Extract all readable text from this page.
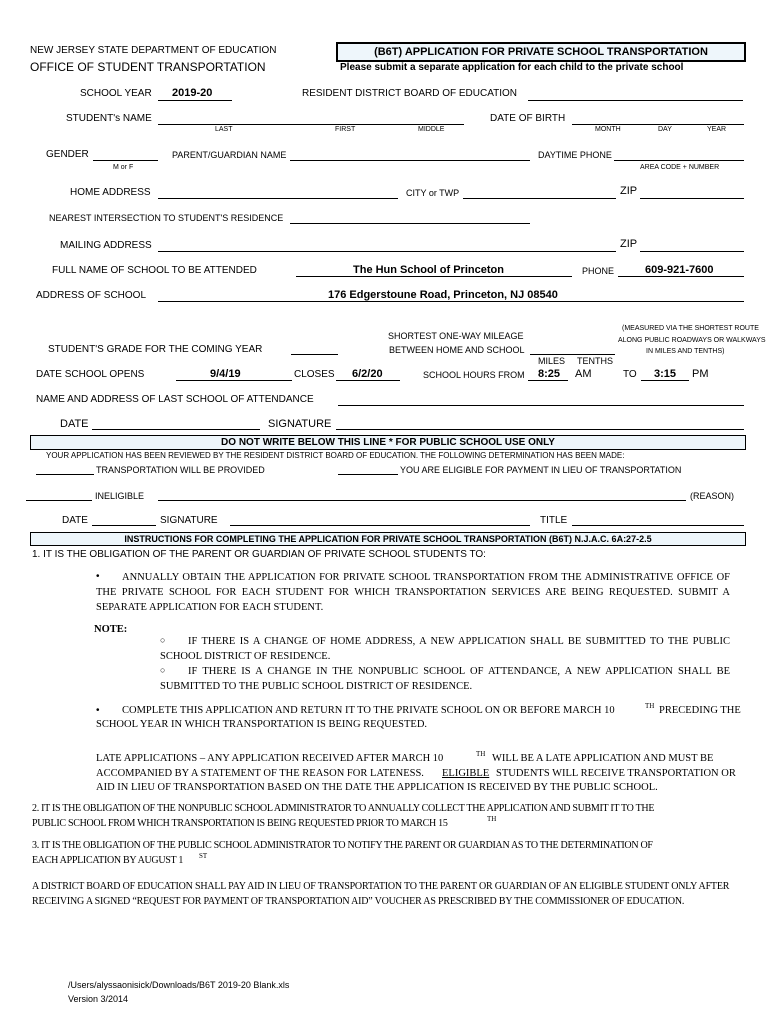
NEW JERSEY STATE DEPARTMENT OF EDUCATION
OFFICE OF STUDENT TRANSPORTATION
(B6T) APPLICATION FOR PRIVATE SCHOOL TRANSPORTATION
Please submit a separate application for each child to the private school
SCHOOL YEAR 2019-20	RESIDENT DISTRICT BOARD OF EDUCATION
STUDENT's NAME
LAST	FIRST	MIDDLE
DATE OF BIRTH
MONTH	DAY	YEAR
GENDER
M or F
PARENT/GUARDIAN NAME	DAYTIME PHONE
AREA CODE + NUMBER
HOME ADDRESS	CITY or TWP	ZIP
NEAREST INTERSECTION TO STUDENT'S RESIDENCE
MAILING ADDRESS	ZIP
FULL NAME OF SCHOOL TO BE ATTENDED	The Hun School of Princeton	PHONE	609-921-7600
ADDRESS OF SCHOOL	176 Edgerstoune Road, Princeton, NJ 08540
(MEASURED VIA THE SHORTEST ROUTE
ALONG PUBLIC ROADWAYS OR WALKWAYS
IN MILES AND TENTHS)
SHORTEST ONE-WAY MILEAGE
BETWEEN HOME AND SCHOOL
MILES TENTHS
STUDENT'S GRADE FOR THE COMING YEAR
DATE SCHOOL OPENS	9/4/19	CLOSES 6/2/20	SCHOOL HOURS FROM 8:25 AM	TO 3:15 PM
NAME AND ADDRESS OF LAST SCHOOL OF ATTENDANCE
DATE	SIGNATURE
DO NOT WRITE BELOW THIS LINE * FOR PUBLIC SCHOOL USE ONLY
YOUR APPLICATION HAS BEEN REVIEWED BY THE RESIDENT DISTRICT BOARD OF EDUCATION. THE FOLLOWING DETERMINATION HAS BEEN MADE:
TRANSPORTATION WILL BE PROVIDED	YOU ARE ELIGIBLE FOR PAYMENT IN LIEU OF TRANSPORTATION
INELIGIBLE	(REASON)
DATE	SIGNATURE	TITLE
INSTRUCTIONS FOR COMPLETING THE APPLICATION FOR PRIVATE SCHOOL TRANSPORTATION (B6T) N.J.A.C. 6A:27-2.5
1. IT IS THE OBLIGATION OF THE PARENT OR GUARDIAN OF PRIVATE SCHOOL STUDENTS TO:
•	ANNUALLY OBTAIN THE APPLICATION FOR PRIVATE SCHOOL TRANSPORTATION FROM THE ADMINISTRATIVE OFFICE OF THE PRIVATE SCHOOL FOR EACH STUDENT FOR WHICH TRANSPORTATION SERVICES ARE BEING REQUESTED. SUBMIT A SEPARATE APPLICATION FOR EACH STUDENT.
NOTE:
○	IF THERE IS A CHANGE OF HOME ADDRESS, A NEW APPLICATION SHALL BE SUBMITTED TO THE PUBLIC SCHOOL DISTRICT OF RESIDENCE.
○	IF THERE IS A CHANGE IN THE NONPUBLIC SCHOOL OF ATTENDANCE, A NEW APPLICATION SHALL BE SUBMITTED TO THE PUBLIC SCHOOL DISTRICT OF RESIDENCE.
• COMPLETE THIS APPLICATION AND RETURN IT TO THE PRIVATE SCHOOL ON OR BEFORE MARCH 10	TH PRECEDING THE
SCHOOL YEAR IN WHICH TRANSPORTATION IS BEING REQUESTED.
LATE APPLICATIONS – ANY APPLICATION RECEIVED AFTER MARCH 10	TH WILL BE A LATE APPLICATION AND MUST BE
ACCOMPANIED BY A STATEMENT OF THE REASON FOR LATENESS. ELIGIBLE STUDENTS WILL RECEIVE TRANSPORTATION OR
AID IN LIEU OF TRANSPORTATION BASED ON THE DATE THE APPLICATION IS RECEIVED BY THE PUBLIC SCHOOL.
2. IT IS THE OBLIGATION OF THE NONPUBLIC SCHOOL ADMINISTRATOR TO ANNUALLY COLLECT THE APPLICATION AND SUBMIT IT TO THE
PUBLIC SCHOOL FROM WHICH TRANSPORTATION IS BEING REQUESTED PRIOR TO MARCH 15	TH
3. IT IS THE OBLIGATION OF THE PUBLIC SCHOOL ADMINISTRATOR TO NOTIFY THE PARENT OR GUARDIAN AS TO THE DETERMINATION OF
EACH APPLICATION BY AUGUST 1 ST
A DISTRICT BOARD OF EDUCATION SHALL PAY AID IN LIEU OF TRANSPORTATION TO THE PARENT OR GUARDIAN OF AN ELIGIBLE STUDENT ONLY AFTER RECEIVING A SIGNED “REQUEST FOR PAYMENT OF TRANSPORTATION AID” VOUCHER AS PRESCRIBED BY THE COMMISSIONER OF EDUCATION.
/Users/alyssaonisick/Downloads/B6T 2019-20 Blank.xls
Version 3/2014
